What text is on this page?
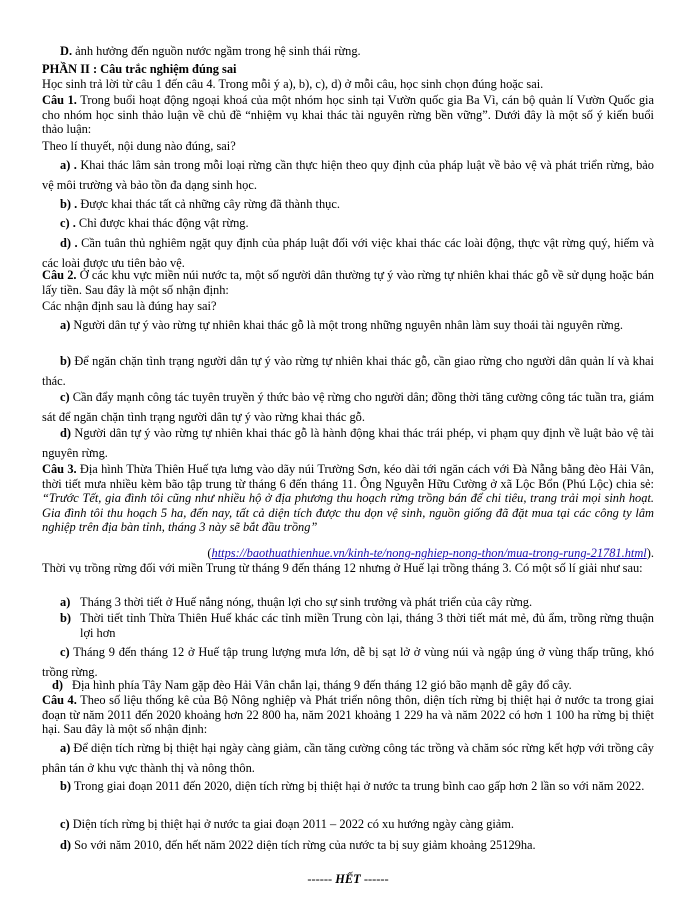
D. ảnh hưởng đến nguồn nước ngầm trong hệ sinh thái rừng.

PHẦN II : Câu trắc nghiệm đúng sai

Học sinh trả lời từ câu 1 đến câu 4. Trong mỗi ý a), b), c), d) ở mỗi câu, học sinh chọn đúng hoặc sai.

Câu 1. Trong buổi hoạt động ngoại khoá của một nhóm học sinh tại Vườn quốc gia Ba Vì, cán bộ quản lí Vườn Quốc gia cho nhóm học sinh thảo luận về chủ đề “nhiệm vụ khai thác tài nguyên rừng bền vững”. Dưới đây là một số ý kiến buổi thảo luận:

Theo lí thuyết, nội dung nào đúng, sai?

a) . Khai thác lâm sản trong mỗi loại rừng cần thực hiện theo quy định của pháp luật về bảo vệ và phát triển rừng, bảo vệ môi trường và bảo tồn đa dạng sinh học.

b) . Được khai thác tất cả những cây rừng đã thành thục.

c) . Chỉ được khai thác động vật rừng.

d) . Cần tuân thủ nghiêm ngặt quy định của pháp luật đối với việc khai thác các loài động, thực vật rừng quý, hiếm và các loài được ưu tiên bảo vệ.

Câu 2. Ở các khu vực miền núi nước ta, một số người dân thường tự ý vào rừng tự nhiên khai thác gỗ về sử dụng hoặc bán lấy tiền. Sau đây là một số nhận định:

Các nhận định sau là đúng hay sai?

a) Người dân tự ý vào rừng tự nhiên khai thác gỗ là một trong những nguyên nhân làm suy thoái tài nguyên rừng.

b) Để ngăn chặn tình trạng người dân tự ý vào rừng tự nhiên khai thác gỗ, cần giao rừng cho người dân quản lí và khai thác.

c) Cần đẩy mạnh công tác tuyên truyền ý thức bảo vệ rừng cho người dân; đồng thời tăng cường công tác tuần tra, giám sát để ngăn chặn tình trạng người dân tự ý vào rừng khai thác gỗ.

d) Người dân tự ý vào rừng tự nhiên khai thác gỗ là hành động khai thác trái phép, vi phạm quy định về luật bảo vệ tài nguyên rừng.

Câu 3. Địa hình Thừa Thiên Huế tựa lưng vào dãy núi Trường Sơn, kéo dài tới ngăn cách với Đà Nẵng bằng đèo Hải Vân, thời tiết mưa nhiều kèm bão tập trung từ tháng 6 đến tháng 11. Ông Nguyễn Hữu Cường ở xã Lộc Bổn (Phú Lộc) chia sẻ: “Trước Tết, gia đình tôi cũng như nhiều hộ ở địa phương thu hoạch rừng trồng bán để chi tiêu, trang trải mọi sinh hoạt. Gia đình tôi thu hoạch 5 ha, đến nay, tất cả diện tích được thu dọn vệ sinh, nguồn giống đã đặt mua tại các công ty lâm nghiệp trên địa bàn tỉnh, tháng 3 này sẽ bắt đầu trồng”

(https://baothuathienhue.vn/kinh-te/nong-nghiep-nong-thon/mua-trong-rung-21781.html).

Thời vụ trồng rừng đối với miền Trung từ tháng 9 đến tháng 12 nhưng ở Huế lại trồng tháng 3. Có một số lí giải như sau:

a) Tháng 3 thời tiết ở Huế nắng nóng, thuận lợi cho sự sinh trưởng và phát triển của cây rừng.
b) Thời tiết tỉnh Thừa Thiên Huế khác các tỉnh miền Trung còn lại, tháng 3 thời tiết mát mẻ, đủ ẩm, trồng rừng thuận lợi hơn

c) Tháng 9 đến tháng 12 ở Huế tập trung lượng mưa lớn, dễ bị sạt lở ở vùng núi và ngập úng ở vùng thấp trũng, khó trồng rừng.

d) Địa hình phía Tây Nam gặp đèo Hải Vân chắn lại, tháng 9 đến tháng 12 gió bão mạnh dễ gây đổ cây.

Câu 4. Theo số liệu thống kê của Bộ Nông nghiệp và Phát triển nông thôn, diện tích rừng bị thiệt hại ở nước ta trong giai đoạn từ năm 2011 đến 2020 khoảng hơn 22 800 ha, năm 2021 khoảng 1 229 ha và năm 2022 có hơn 1 100 ha rừng bị thiệt hại. Sau đây là một số nhận định:

a) Để diện tích rừng bị thiệt hại ngày càng giảm, cần tăng cường công tác trồng và chăm sóc rừng kết hợp với trồng cây phân tán ở khu vực thành thị và nông thôn.

b) Trong giai đoạn 2011 đến 2020, diện tích rừng bị thiệt hại ở nước ta trung bình cao gấp hơn 2 lần so với năm 2022.

c) Diện tích rừng bị thiệt hại ở nước ta giai đoạn 2011 – 2022 có xu hướng ngày càng giảm.

d) So với năm 2010, đến hết năm 2022 diện tích rừng của nước ta bị suy giảm khoảng 25129ha.

------ HẾT ------
